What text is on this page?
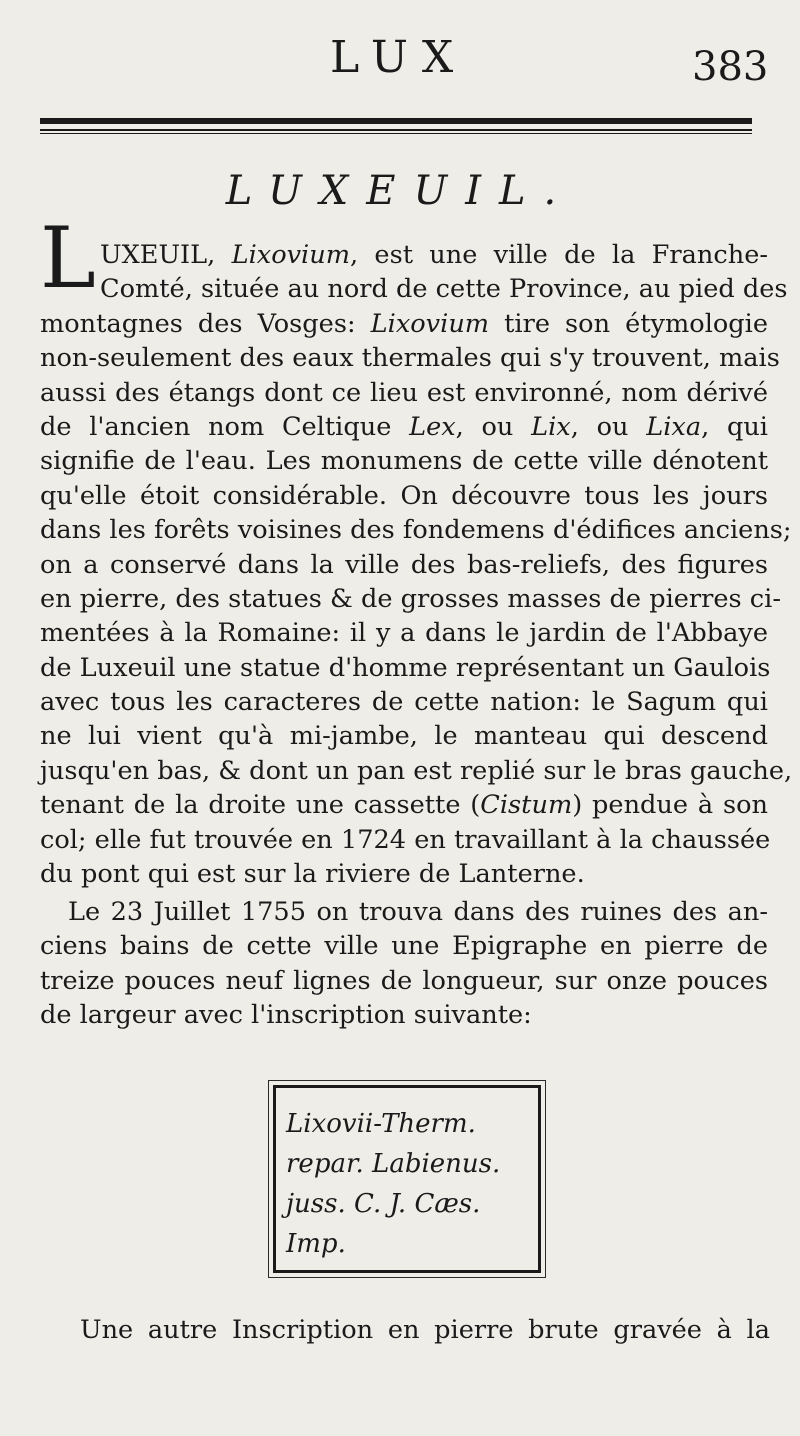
LUX	383
LUXEUIL.
L UXEUIL, Lixovium, est une ville de la Franche-
Comté, située au nord de cette Province, au pied des
montagnes des Vosges: Lixovium tire son étymologie
non-seulement des eaux thermales qui s'y trouvent, mais
aussi des étangs dont ce lieu est environné, nom dérivé
de l'ancien nom Celtique Lex, ou Lix, ou Lixa, qui
signifie de l'eau. Les monumens de cette ville dénotent
qu'elle étoit considérable. On découvre tous les jours
dans les forêts voisines des fondemens d'édifices anciens;
on a conservé dans la ville des bas-reliefs, des figures
en pierre, des statues & de grosses masses de pierres ci-
mentées à la Romaine: il y a dans le jardin de l'Abbaye
de Luxeuil une statue d'homme représentant un Gaulois
avec tous les caracteres de cette nation: le Sagum qui
ne lui vient qu'à mi-jambe, le manteau qui descend
jusqu'en bas, & dont un pan est replié sur le bras gauche,
tenant de la droite une cassette (Cistum) pendue à son
col; elle fut trouvée en 1724 en travaillant à la chaussée
du pont qui est sur la riviere de Lanterne.
Le 23 Juillet 1755 on trouva dans des ruines des an-
ciens bains de cette ville une Epigraphe en pierre de
treize pouces neuf lignes de longueur, sur onze pouces
de largeur avec l'inscription suivante:
Lixovii-Therm.
repar. Labienus.
juss. C. J. Cæs.
Imp.
Une autre Inscription en pierre brute gravée à la
